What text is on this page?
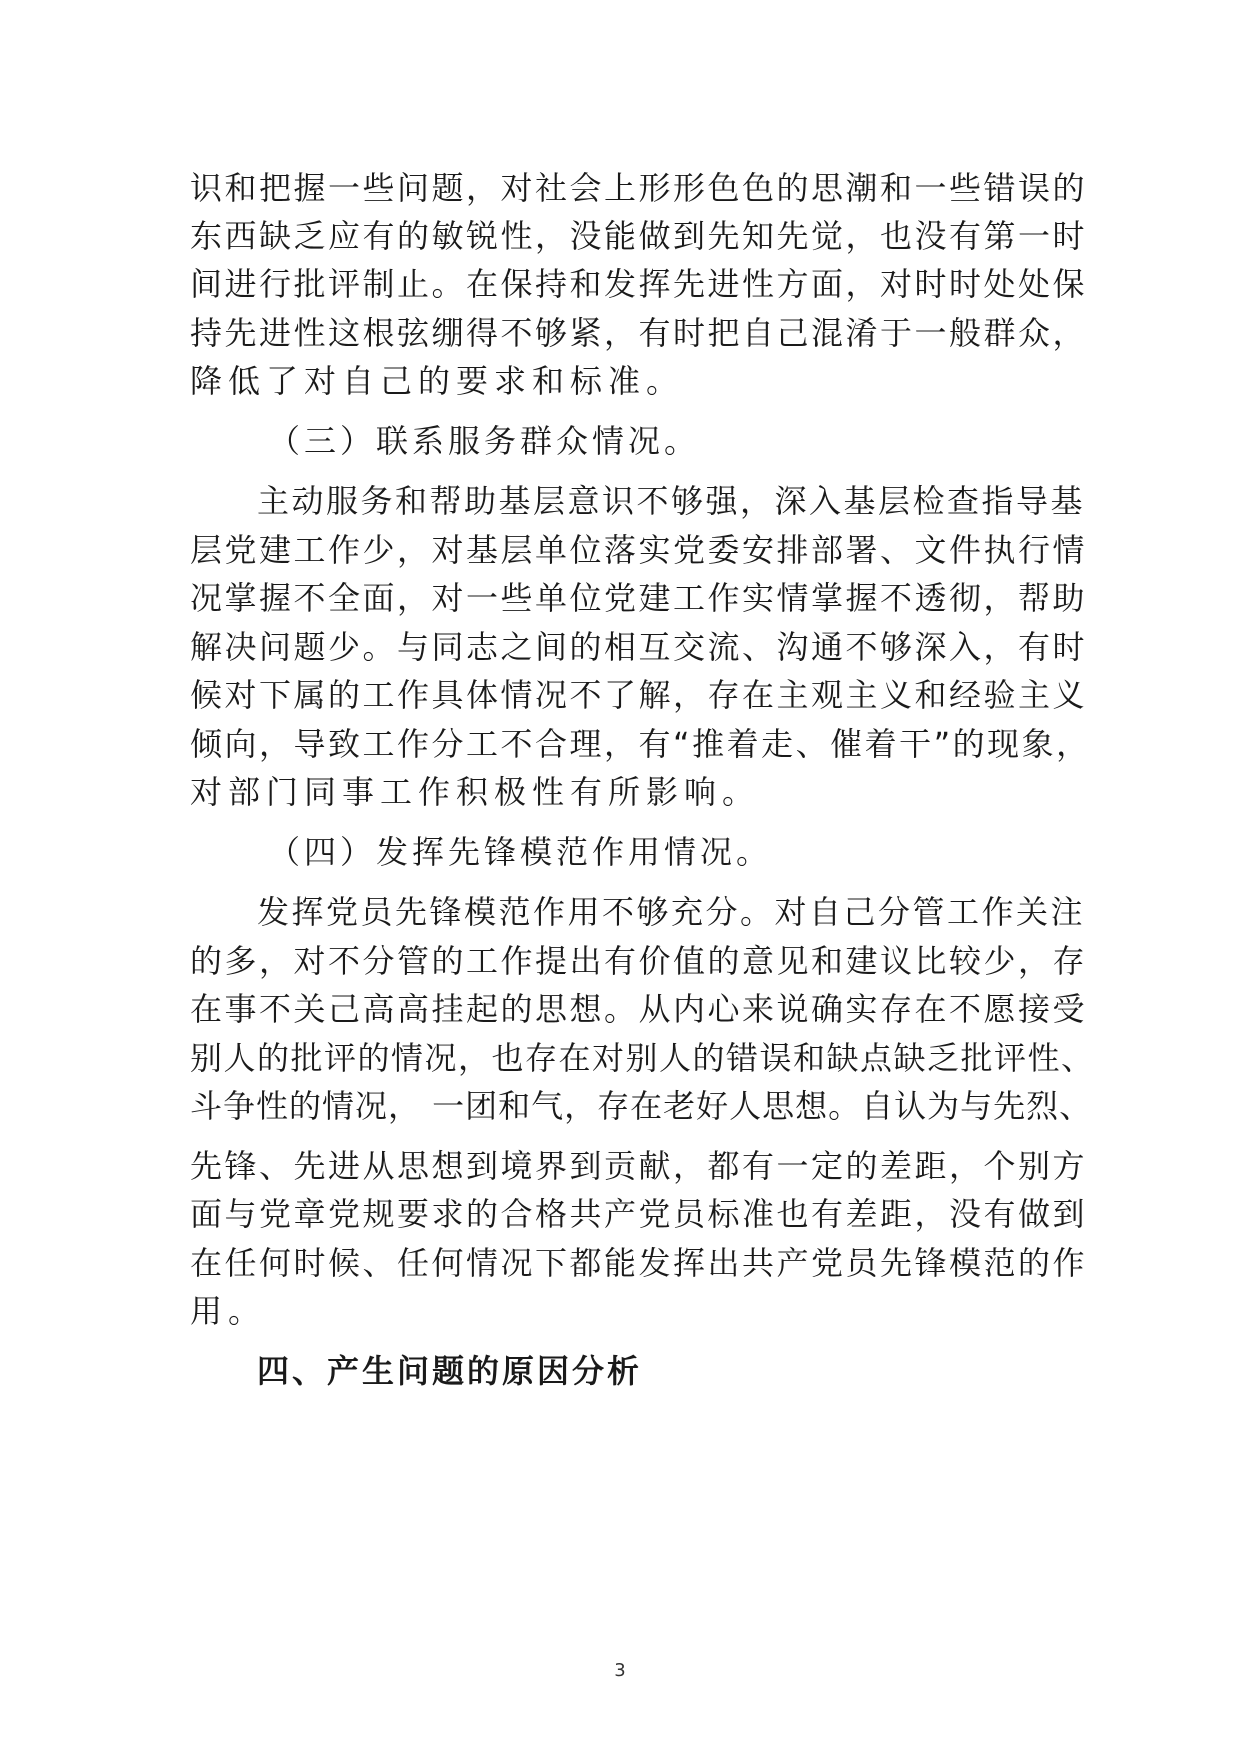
识和把握一些问题，对社会上形形色色的思潮和一些错误的

东西缺乏应有的敏锐性，没能做到先知先觉，也没有第一时

间进行批评制止。在保持和发挥先进性方面，对时时处处保

持先进性这根弦绷得不够紧，有时把自己混淆于一般群众，

降低了对自己的要求和标准。

（三）联系服务群众情况。

主动服务和帮助基层意识不够强，深入基层检查指导基

层党建工作少，对基层单位落实党委安排部署、文件执行情

况掌握不全面，对一些单位党建工作实情掌握不透彻，帮助

解决问题少。与同志之间的相互交流、沟通不够深入，有时

候对下属的工作具体情况不了解，存在主观主义和经验主义

倾向，导致工作分工不合理，有“推着走、催着干”的现象，

对部门同事工作积极性有所影响。

（四）发挥先锋模范作用情况。

发挥党员先锋模范作用不够充分。对自己分管工作关注

的多，对不分管的工作提出有价值的意见和建议比较少，存

在事不关己高高挂起的思想。从内心来说确实存在不愿接受

别人的批评的情况，也存在对别人的错误和缺点缺乏批评性、

斗争性的情况， 一团和气，存在老好人思想。自认为与先烈、

先锋、先进从思想到境界到贡献，都有一定的差距，个别方

面与党章党规要求的合格共产党员标准也有差距，没有做到

在任何时候、任何情况下都能发挥出共产党员先锋模范的作

用。

四、产生问题的原因分析
3
